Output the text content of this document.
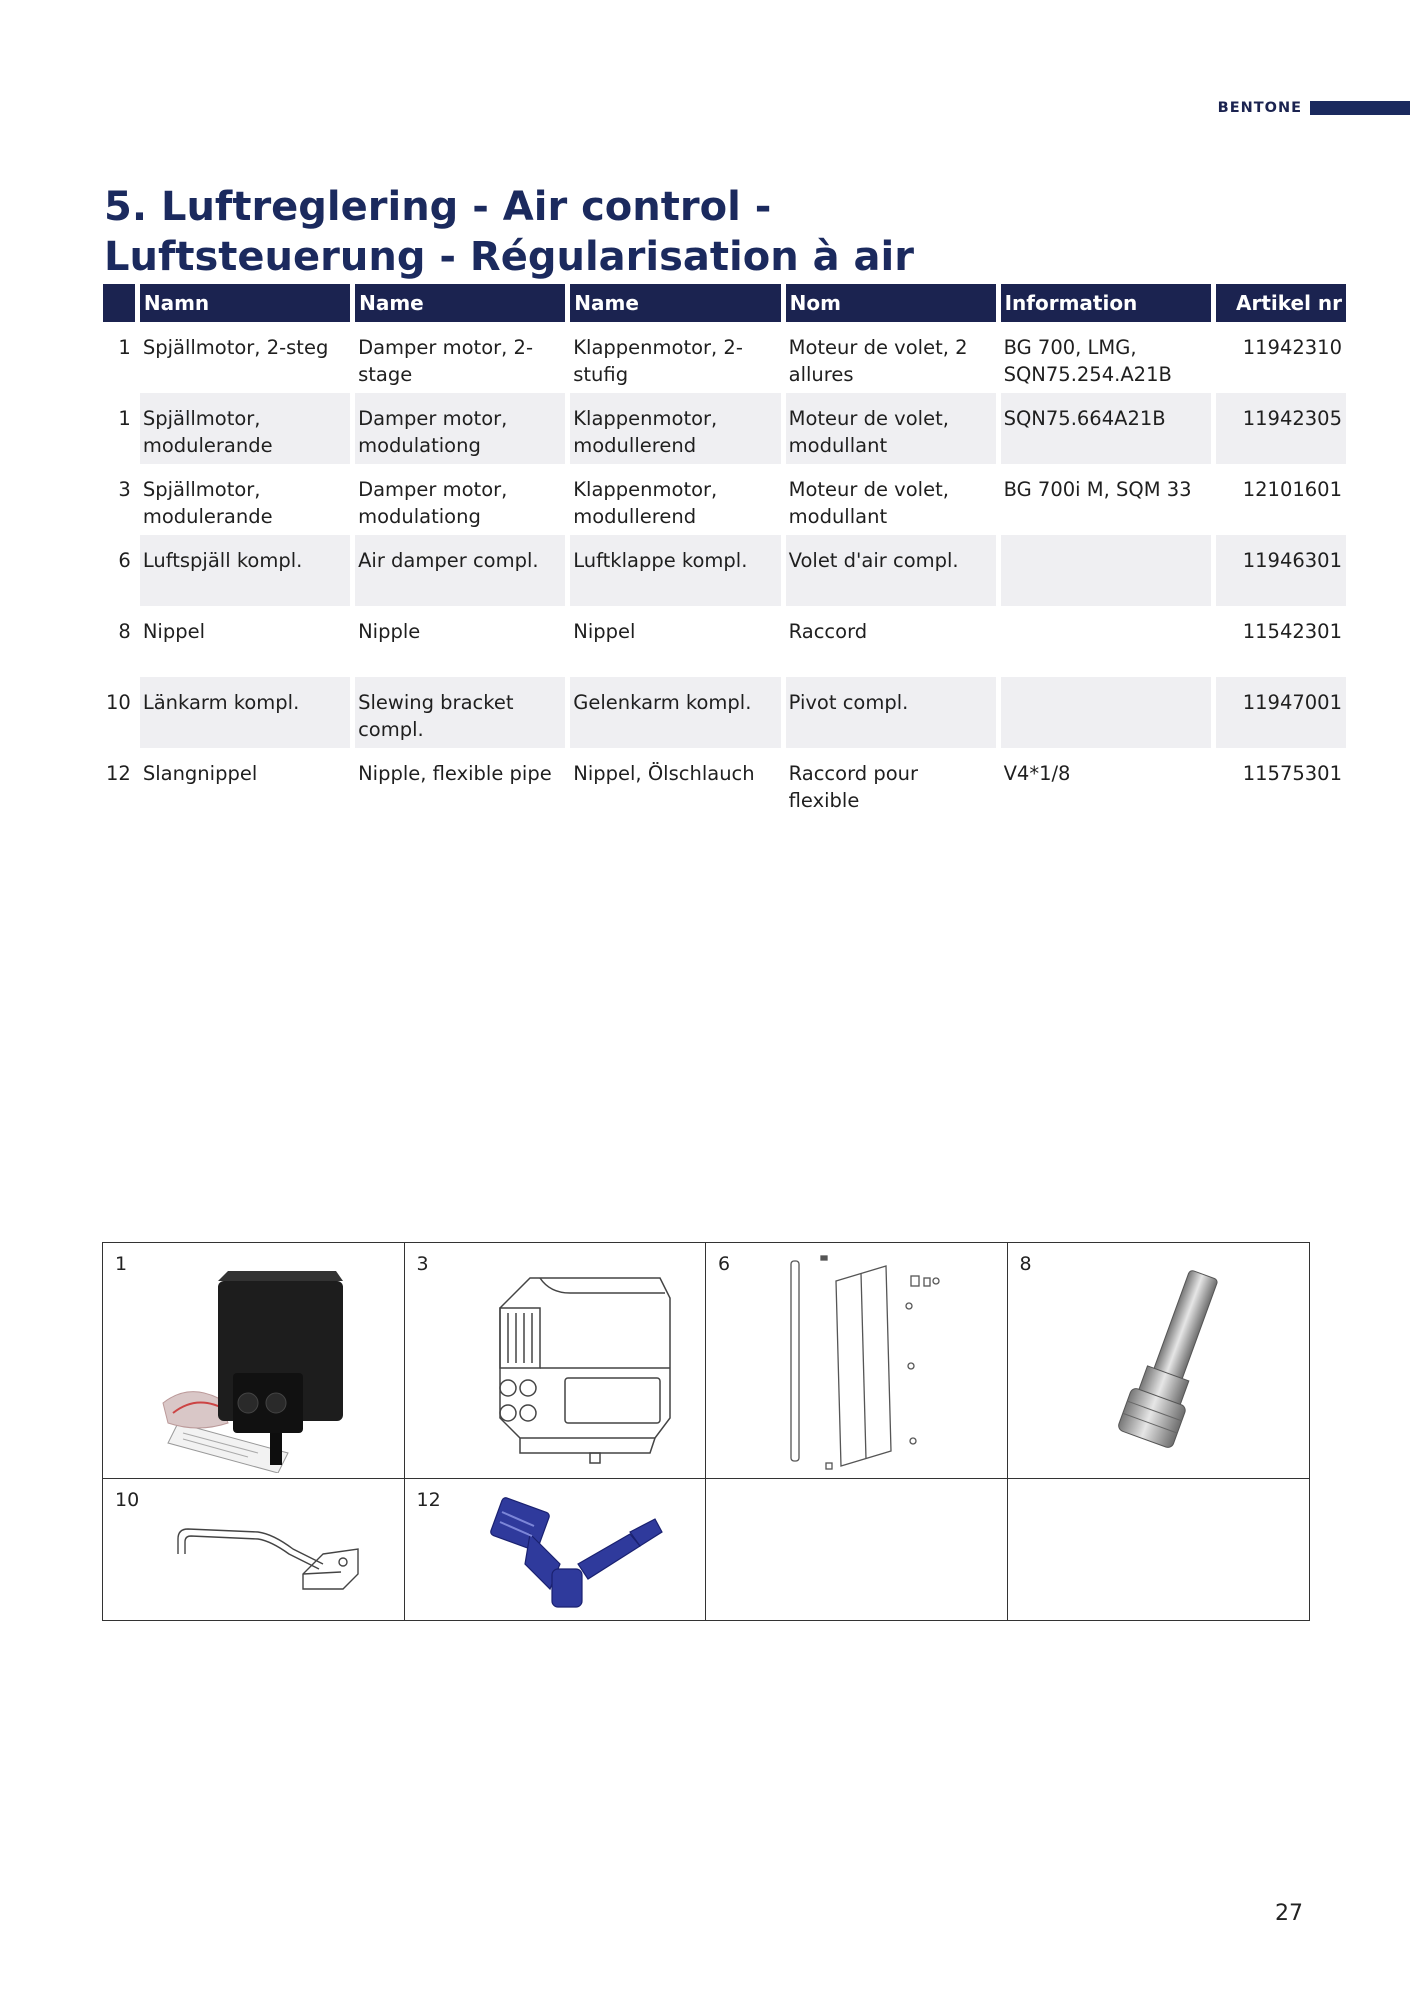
BENTONE
5. Luftreglering - Air control - Luftsteuerung - Régularisation à air
	Namn	Name	Name	Nom	Information	Artikel nr
1	Spjällmotor, 2-steg	Damper motor, 2-stage	Klappenmotor, 2-stufig	Moteur de volet, 2 allures	BG 700, LMG, SQN75.254.A21B	11942310
1	Spjällmotor, modulerande	Damper motor, modulationg	Klappenmotor, modullerend	Moteur de volet, modullant	SQN75.664A21B	11942305
3	Spjällmotor, modulerande	Damper motor, modulationg	Klappenmotor, modullerend	Moteur de volet, modullant	BG 700i M, SQM 33	12101601
6	Luftspjäll kompl.	Air damper compl.	Luftklappe kompl.	Volet d'air compl.		11946301
8	Nippel	Nipple	Nippel	Raccord		11542301
10	Länkarm kompl.	Slewing bracket compl.	Gelenkarm kompl.	Pivot compl.		11947001
12	Slangnippel	Nipple, flexible pipe	Nippel, Ölschlauch	Raccord pour flexible	V4*1/8	11575301
1	3	6	8
10	12
27
